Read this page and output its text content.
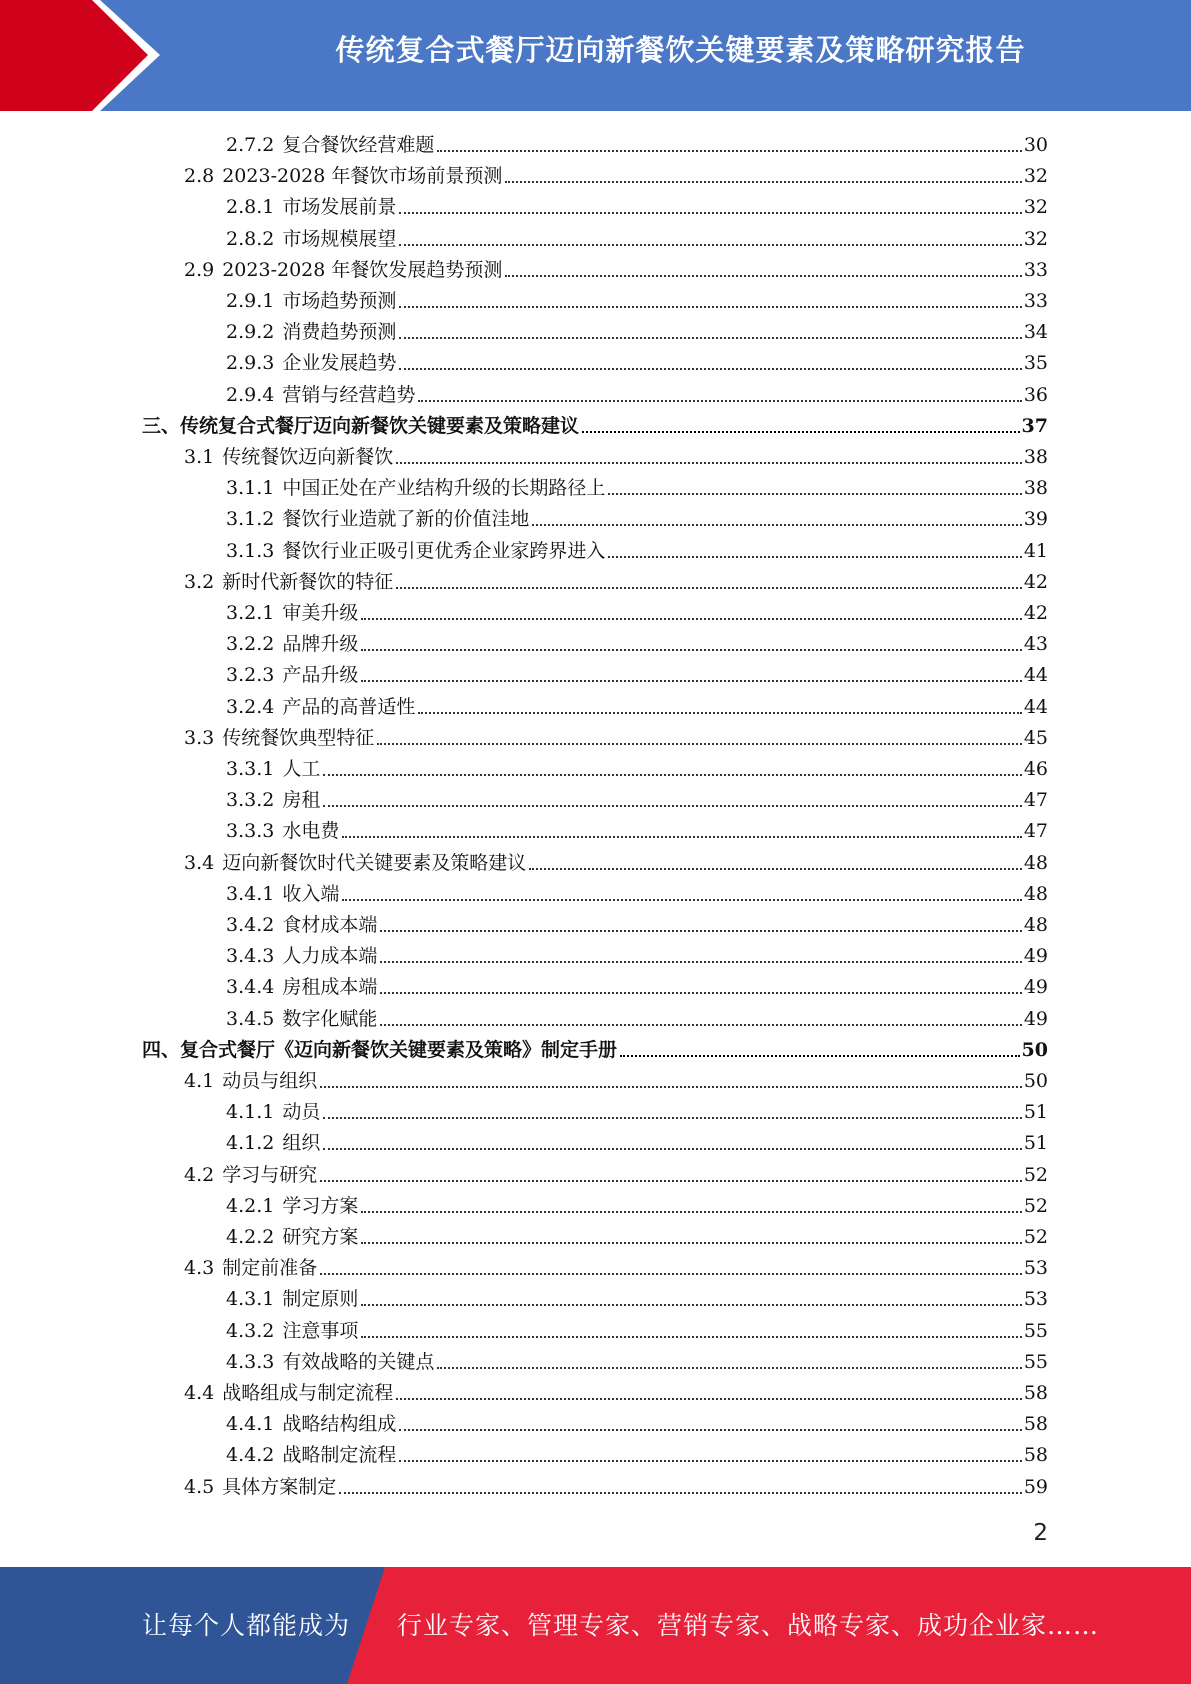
传统复合式餐厅迈向新餐饮关键要素及策略研究报告
2.7.2 复合餐饮经营难题	30
2.8 2023-2028 年餐饮市场前景预测	32
2.8.1 市场发展前景	32
2.8.2 市场规模展望	32
2.9 2023-2028 年餐饮发展趋势预测	33
2.9.1 市场趋势预测	33
2.9.2 消费趋势预测	34
2.9.3 企业发展趋势	35
2.9.4 营销与经营趋势	36
三、传统复合式餐厅迈向新餐饮关键要素及策略建议	37
3.1 传统餐饮迈向新餐饮	38
3.1.1 中国正处在产业结构升级的长期路径上	38
3.1.2 餐饮行业造就了新的价值洼地	39
3.1.3 餐饮行业正吸引更优秀企业家跨界进入	41
3.2 新时代新餐饮的特征	42
3.2.1 审美升级	42
3.2.2 品牌升级	43
3.2.3 产品升级	44
3.2.4 产品的高普适性	44
3.3 传统餐饮典型特征	45
3.3.1 人工	46
3.3.2 房租	47
3.3.3 水电费	47
3.4 迈向新餐饮时代关键要素及策略建议	48
3.4.1 收入端	48
3.4.2 食材成本端	48
3.4.3 人力成本端	49
3.4.4 房租成本端	49
3.4.5 数字化赋能	49
四、复合式餐厅《迈向新餐饮关键要素及策略》制定手册	50
4.1 动员与组织	50
4.1.1 动员	51
4.1.2 组织	51
4.2 学习与研究	52
4.2.1 学习方案	52
4.2.2 研究方案	52
4.3 制定前准备	53
4.3.1 制定原则	53
4.3.2 注意事项	55
4.3.3 有效战略的关键点	55
4.4 战略组成与制定流程	58
4.4.1 战略结构组成	58
4.4.2 战略制定流程	58
4.5 具体方案制定	59
2
让每个人都能成为 行业专家、管理专家、营销专家、战略专家、成功企业家……
